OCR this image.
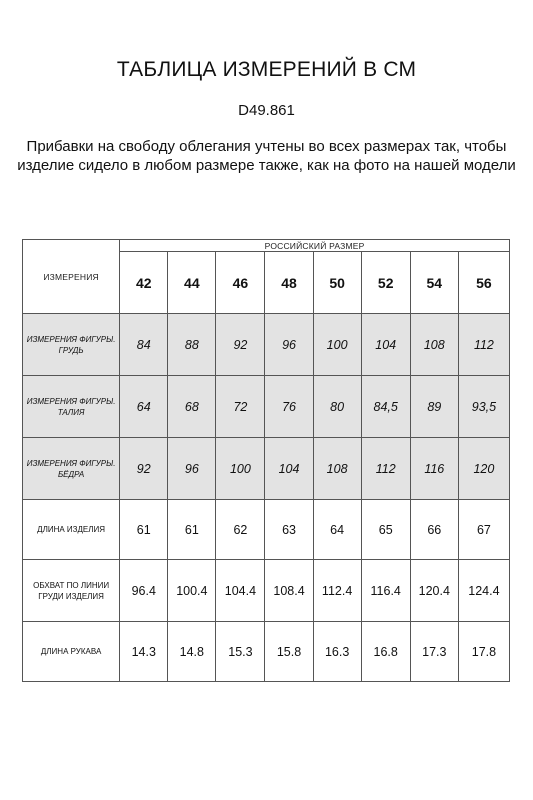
ТАБЛИЦА ИЗМЕРЕНИЙ В СМ
D49.861
Прибавки на свободу облегания учтены во всех размерах так, чтобы изделие сидело в любом размере также, как на фото на нашей модели
ИЗМЕРЕНИЯ	РОССИЙСКИЙ РАЗМЕР							
	42	44	46	48	50	52	54	56
ИЗМЕРЕНИЯ ФИГУРЫ. ГРУДЬ	84	88	92	96	100	104	108	112
ИЗМЕРЕНИЯ ФИГУРЫ. ТАЛИЯ	64	68	72	76	80	84,5	89	93,5
ИЗМЕРЕНИЯ ФИГУРЫ. БЁДРА	92	96	100	104	108	112	116	120
ДЛИНА ИЗДЕЛИЯ	61	61	62	63	64	65	66	67
ОБХВАТ ПО ЛИНИИ ГРУДИ ИЗДЕЛИЯ	96.4	100.4	104.4	108.4	112.4	116.4	120.4	124.4
ДЛИНА РУКАВА	14.3	14.8	15.3	15.8	16.3	16.8	17.3	17.8
